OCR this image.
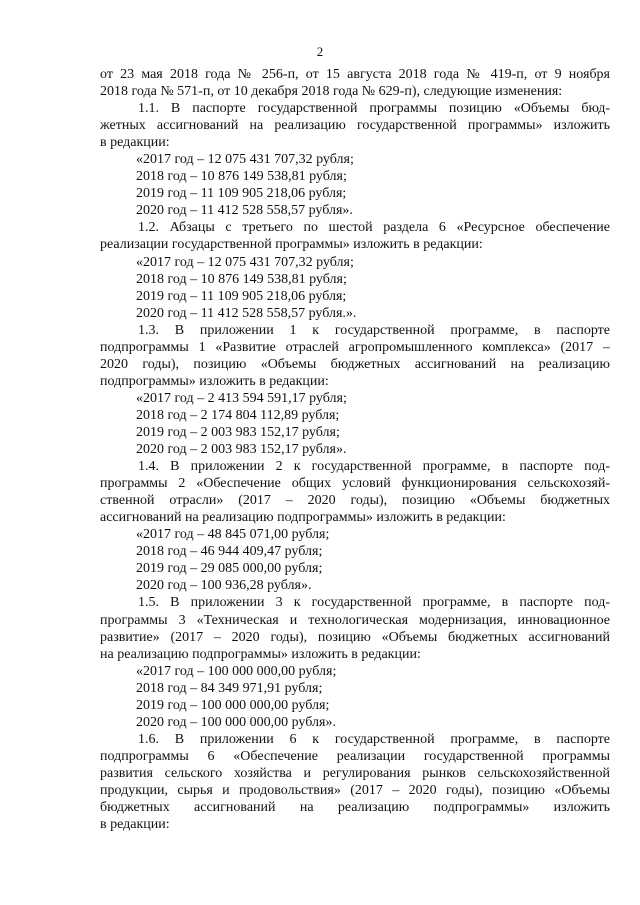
2
от 23 мая 2018 года № 256-п, от 15 августа 2018 года № 419-п, от 9 ноября
2018 года № 571-п, от 10 декабря 2018 года № 629-п), следующие изменения:
1.1. В паспорте государственной программы позицию «Объемы бюд-
жетных ассигнований на реализацию государственной программы» изложить
в редакции:
«2017 год – 12 075 431 707,32 рубля;
2018 год – 10 876 149 538,81 рубля;
2019 год – 11 109 905 218,06 рубля;
2020 год – 11 412 528 558,57 рубля».
1.2. Абзацы с третьего по шестой раздела 6 «Ресурсное обеспечение
реализации государственной программы» изложить в редакции:
«2017 год – 12 075 431 707,32 рубля;
2018 год – 10 876 149 538,81 рубля;
2019 год – 11 109 905 218,06 рубля;
2020 год – 11 412 528 558,57 рубля.».
1.3. В приложении 1 к государственной программе, в паспорте
подпрограммы 1 «Развитие отраслей агропромышленного комплекса» (2017 –
2020 годы), позицию «Объемы бюджетных ассигнований на реализацию
подпрограммы» изложить в редакции:
«2017 год – 2 413 594 591,17 рубля;
2018 год – 2 174 804 112,89 рубля;
2019 год – 2 003 983 152,17 рубля;
2020 год – 2 003 983 152,17 рубля».
1.4. В приложении 2 к государственной программе, в паспорте под-
программы 2 «Обеспечение общих условий функционирования сельскохозяй-
ственной отрасли» (2017 – 2020 годы), позицию «Объемы бюджетных
ассигнований на реализацию подпрограммы» изложить в редакции:
«2017 год – 48 845 071,00 рубля;
2018 год – 46 944 409,47 рубля;
2019 год – 29 085 000,00 рубля;
2020 год – 100 936,28 рубля».
1.5. В приложении 3 к государственной программе, в паспорте под-
программы 3 «Техническая и технологическая модернизация, инновационное
развитие» (2017 – 2020 годы), позицию «Объемы бюджетных ассигнований
на реализацию подпрограммы» изложить в редакции:
«2017 год – 100 000 000,00 рубля;
2018 год – 84 349 971,91 рубля;
2019 год – 100 000 000,00 рубля;
2020 год – 100 000 000,00 рубля».
1.6. В приложении 6 к государственной программе, в паспорте
подпрограммы 6 «Обеспечение реализации государственной программы
развития сельского хозяйства и регулирования рынков сельскохозяйственной
продукции, сырья и продовольствия» (2017 – 2020 годы), позицию «Объемы
бюджетных ассигнований на реализацию подпрограммы» изложить
в редакции:
